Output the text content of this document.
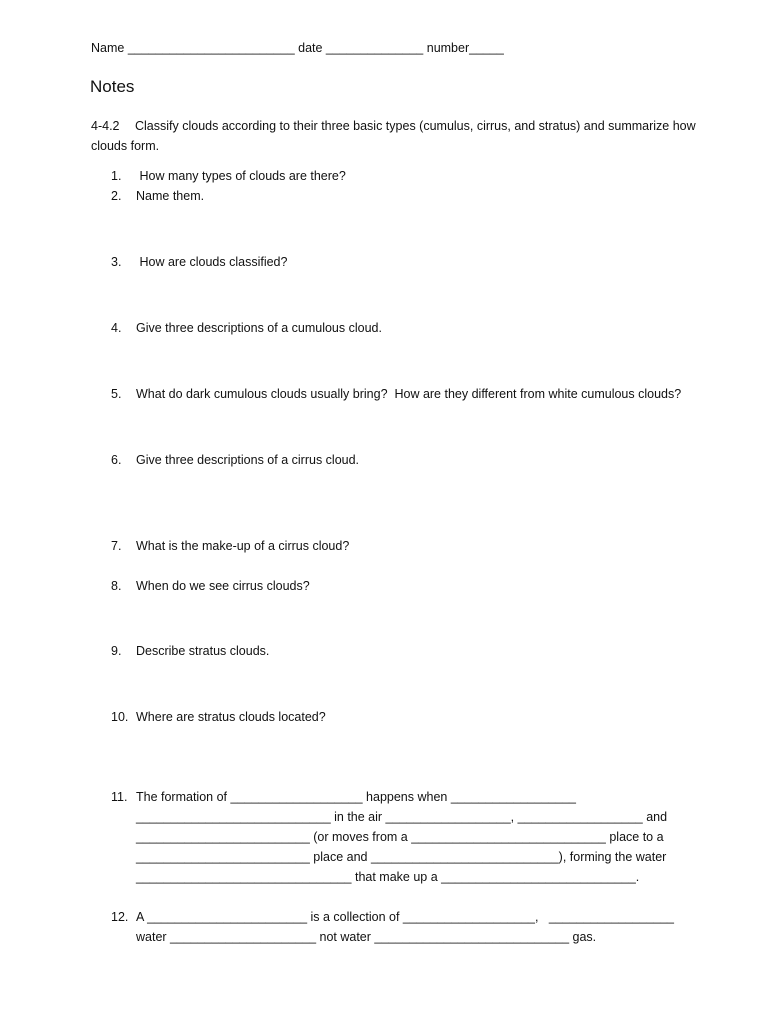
Name ________________________ date ______________ number_____
Notes
4-4.2 Classify clouds according to their three basic types (cumulus, cirrus, and stratus) and summarize how clouds form.
1. How many types of clouds are there?
2. Name them.
3. How are clouds classified?
4. Give three descriptions of a cumulous cloud.
5. What do dark cumulous clouds usually bring?  How are they different from white cumulous clouds?
6. Give three descriptions of a cirrus cloud.
7. What is the make-up of a cirrus cloud?
8. When do we see cirrus clouds?
9. Describe stratus clouds.
10. Where are stratus clouds located?
11. The formation of ___________________ happens when __________________
____________________________ in the air __________________, __________________ and
_________________________ (or moves from a ____________________________ place to a
_________________________ place and ___________________________), forming the water
_______________________________ that make up a ____________________________.
12. A _______________________ is a collection of ___________________,   __________________
water _____________________ not water ____________________________ gas.
